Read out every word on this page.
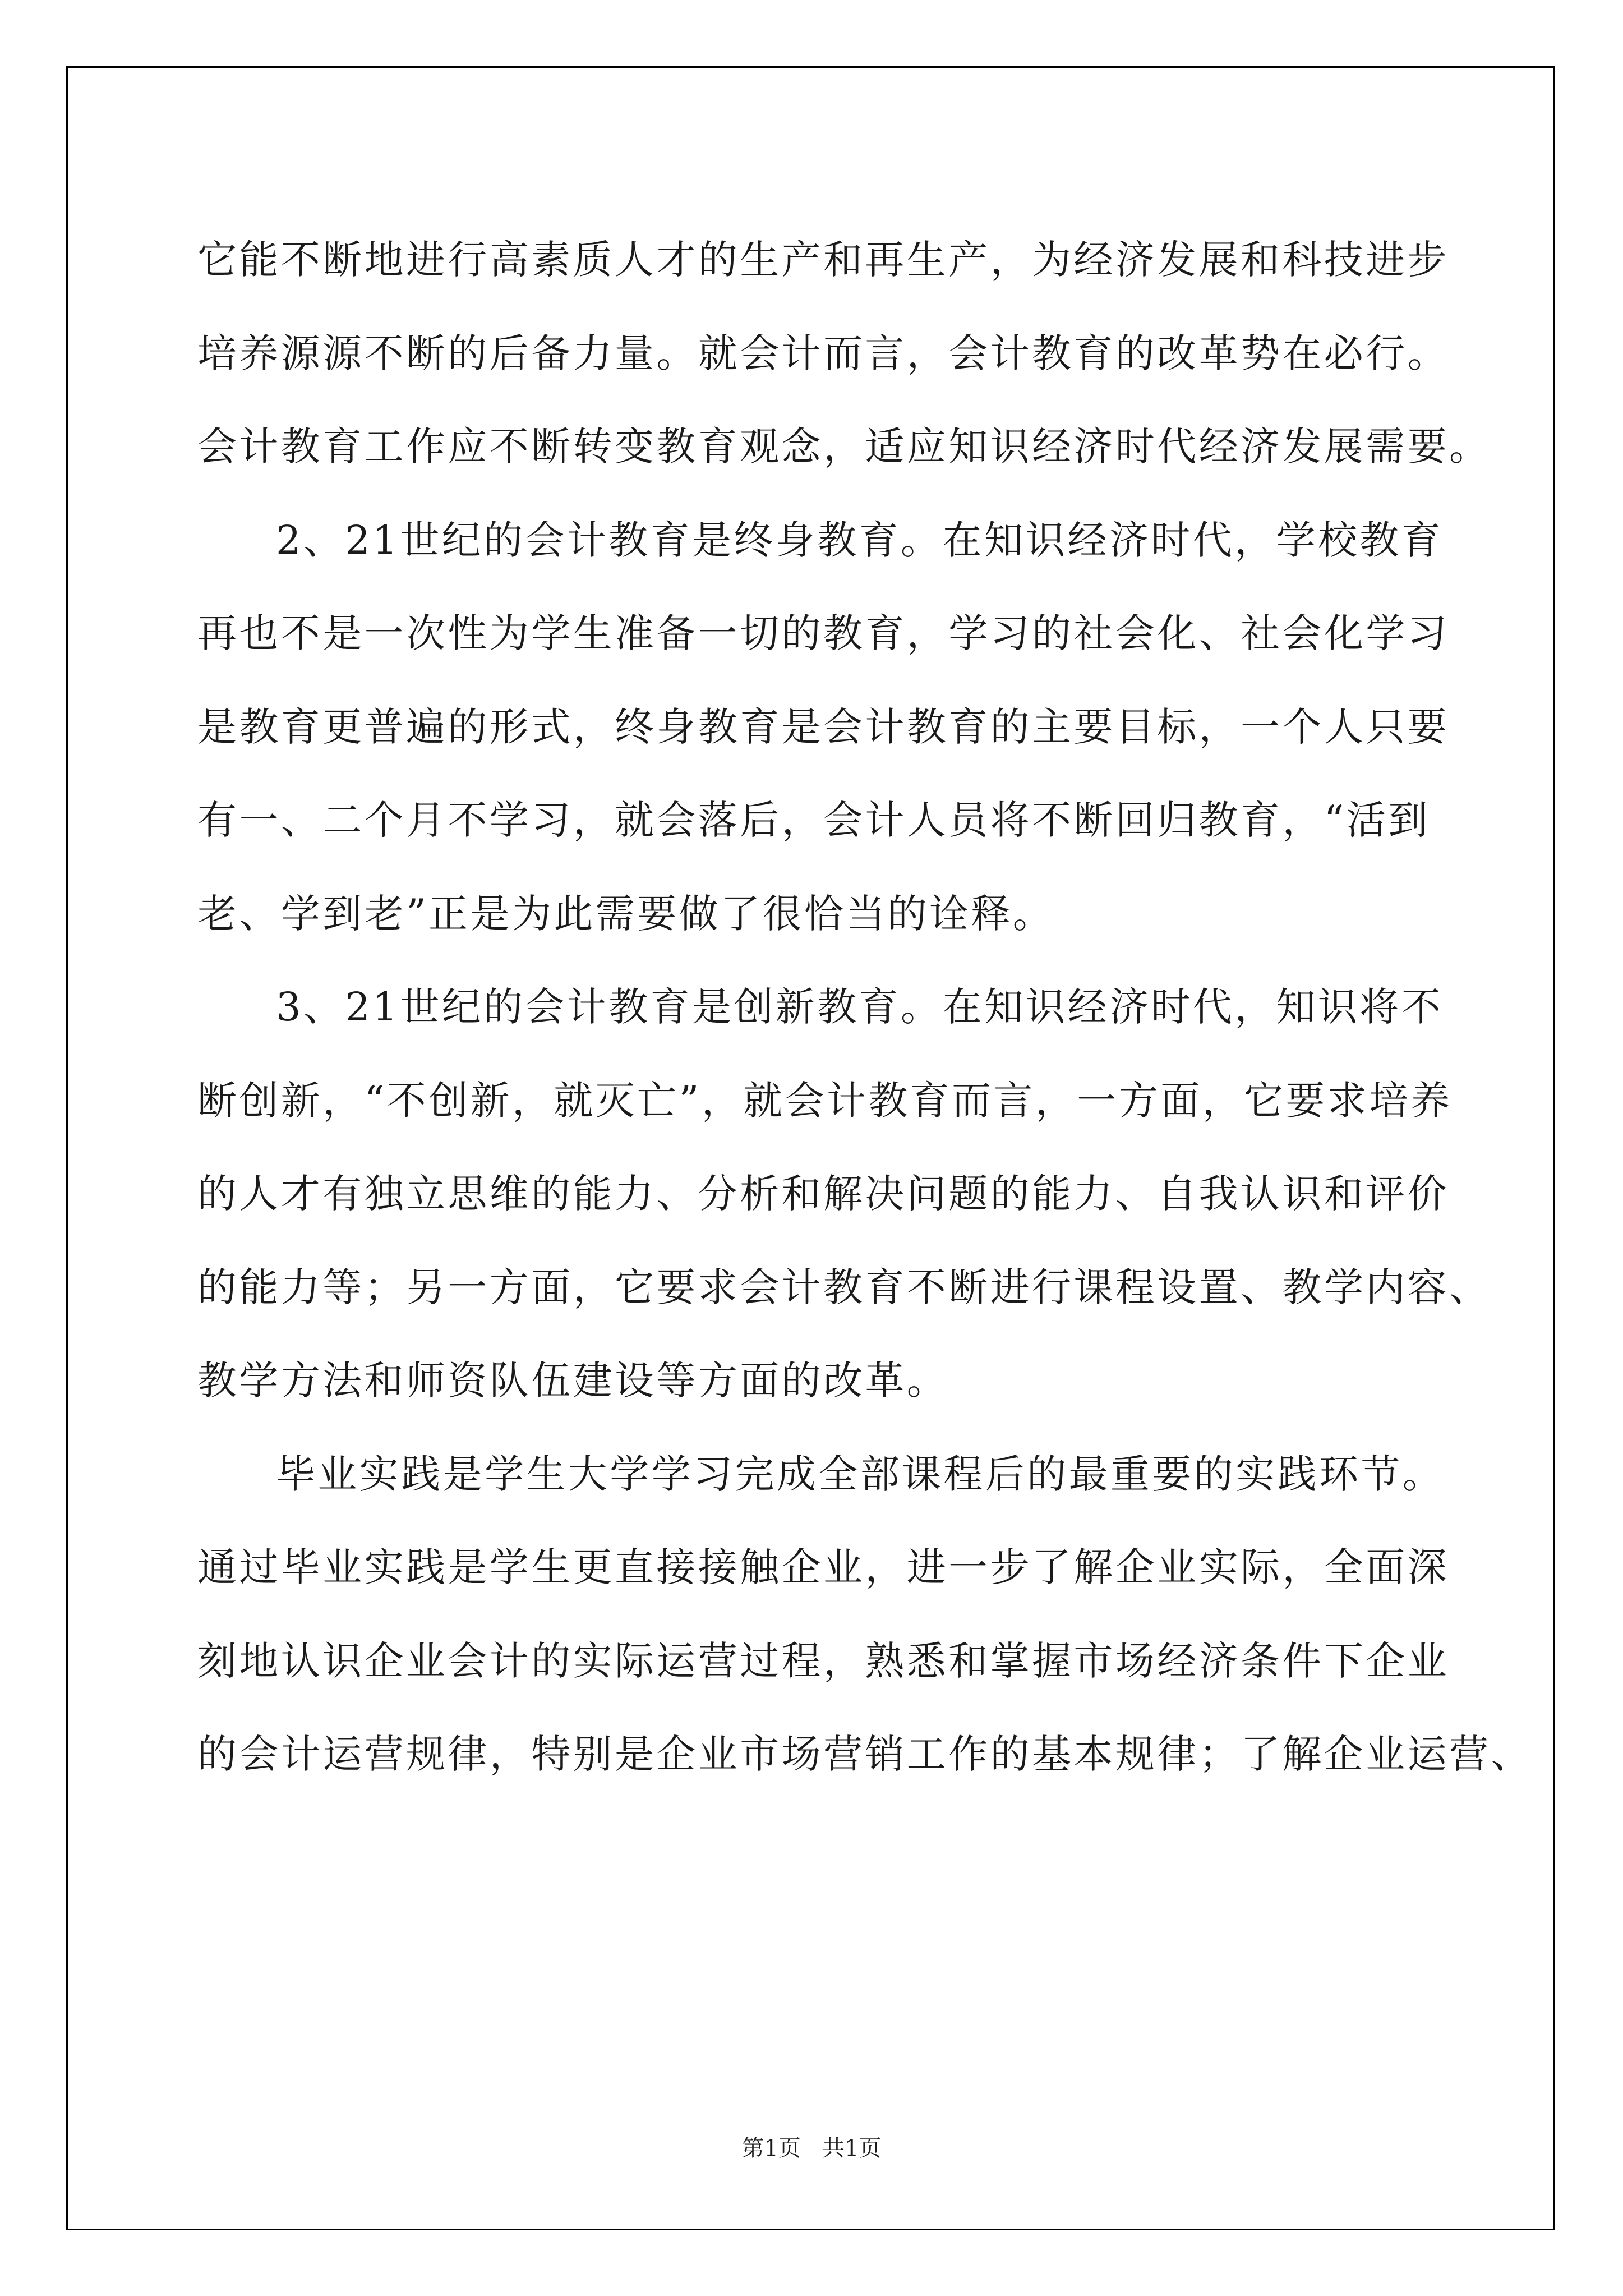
它能不断地进行高素质人才的生产和再生产，为经济发展和科技进步
培养源源不断的后备力量。就会计而言，会计教育的改革势在必行。
会计教育工作应不断转变教育观念，适应知识经济时代经济发展需要。
2、21世纪的会计教育是终身教育。在知识经济时代，学校教育
再也不是一次性为学生准备一切的教育，学习的社会化、社会化学习
是教育更普遍的形式，终身教育是会计教育的主要目标，一个人只要
有一、二个月不学习，就会落后，会计人员将不断回归教育，“活到
老、学到老”正是为此需要做了很恰当的诠释。
3、21世纪的会计教育是创新教育。在知识经济时代，知识将不
断创新，“不创新，就灭亡”，就会计教育而言，一方面，它要求培养
的人才有独立思维的能力、分析和解决问题的能力、自我认识和评价
的能力等；另一方面，它要求会计教育不断进行课程设置、教学内容、
教学方法和师资队伍建设等方面的改革。
毕业实践是学生大学学习完成全部课程后的最重要的实践环节。
通过毕业实践是学生更直接接触企业，进一步了解企业实际，全面深
刻地认识企业会计的实际运营过程，熟悉和掌握市场经济条件下企业
的会计运营规律，特别是企业市场营销工作的基本规律；了解企业运营、
第1页   共1页
